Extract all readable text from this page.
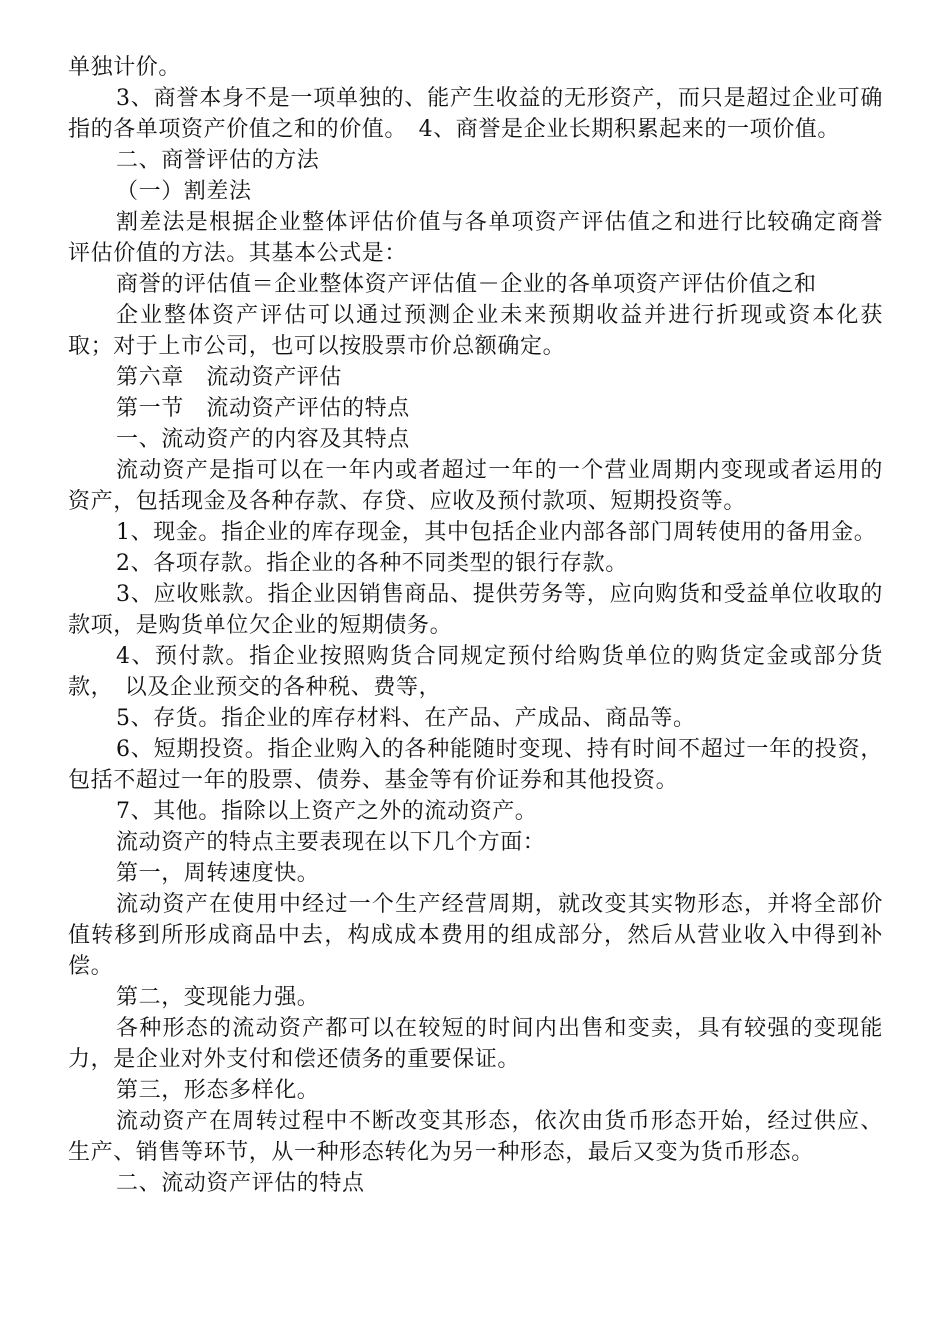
单独计价。

3、商誉本身不是一项单独的、能产生收益的无形资产，而只是超过企业可确指的各单项资产价值之和的价值。　4、商誉是企业长期积累起来的一项价值。

二、商誉评估的方法

（一）割差法

割差法是根据企业整体评估价值与各单项资产评估值之和进行比较确定商誉评估价值的方法。其基本公式是：

商誉的评估值＝企业整体资产评估值－企业的各单项资产评估价值之和

企业整体资产评估可以通过预测企业未来预期收益并进行折现或资本化获取；对于上市公司，也可以按股票市价总额确定。

第六章　流动资产评估

第一节　流动资产评估的特点

一、流动资产的内容及其特点

流动资产是指可以在一年内或者超过一年的一个营业周期内变现或者运用的资产，包括现金及各种存款、存贷、应收及预付款项、短期投资等。

1、现金。指企业的库存现金，其中包括企业内部各部门周转使用的备用金。

2、各项存款。指企业的各种不同类型的银行存款。

3、应收账款。指企业因销售商品、提供劳务等，应向购货和受益单位收取的款项，是购货单位欠企业的短期债务。

4、预付款。指企业按照购货合同规定预付给购货单位的购货定金或部分货款，　以及企业预交的各种税、费等，

5、存货。指企业的库存材料、在产品、产成品、商品等。

6、短期投资。指企业购入的各种能随时变现、持有时间不超过一年的投资，包括不超过一年的股票、债券、基金等有价证券和其他投资。

7、其他。指除以上资产之外的流动资产。

流动资产的特点主要表现在以下几个方面：

第一，周转速度快。

流动资产在使用中经过一个生产经营周期，就改变其实物形态，并将全部价值转移到所形成商品中去，构成成本费用的组成部分，然后从营业收入中得到补偿。

第二，变现能力强。

各种形态的流动资产都可以在较短的时间内出售和变卖，具有较强的变现能力，是企业对外支付和偿还债务的重要保证。

第三，形态多样化。

流动资产在周转过程中不断改变其形态，依次由货币形态开始，经过供应、生产、销售等环节，从一种形态转化为另一种形态，最后又变为货币形态。

二、流动资产评估的特点
